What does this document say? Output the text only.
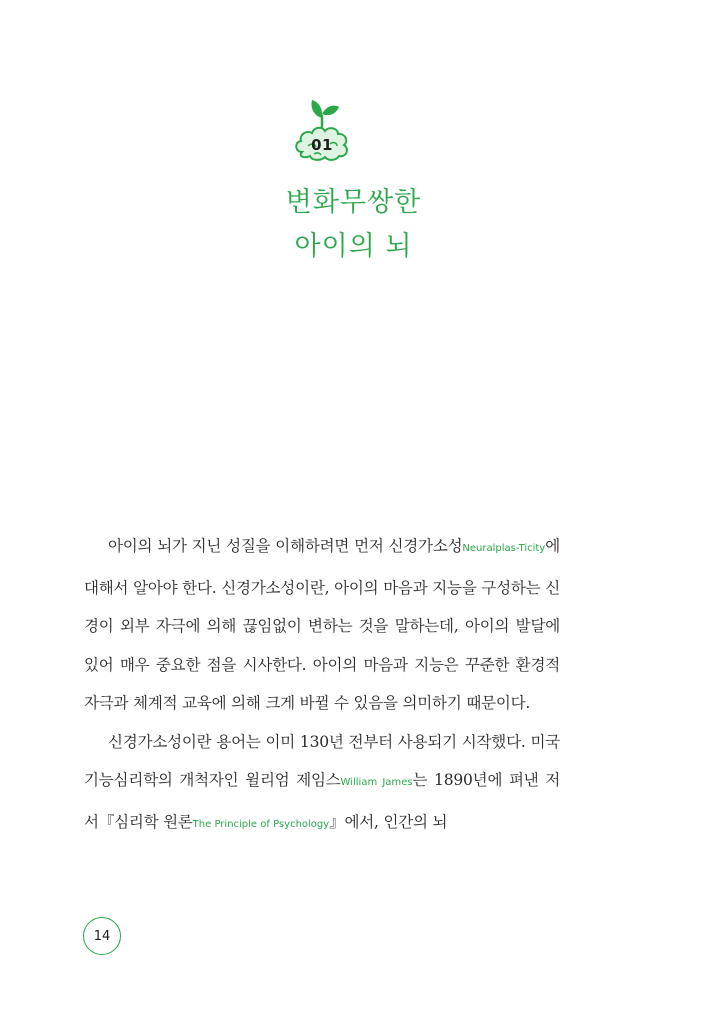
01
변화무쌍한
아이의 뇌

아이의 뇌가 지닌 성질을 이해하려면 먼저 신경가소성Neuralplas-Ticity에 대해서 알아야 한다. 신경가소성이란, 아이의 마음과 지능을 구성하는 신경이 외부 자극에 의해 끊임없이 변하는 것을 말하는데, 아이의 발달에 있어 매우 중요한 점을 시사한다. 아이의 마음과 지능은 꾸준한 환경적 자극과 체계적 교육에 의해 크게 바뀔 수 있음을 의미하기 때문이다.

신경가소성이란 용어는 이미 130년 전부터 사용되기 시작했다. 미국 기능심리학의 개척자인 윌리엄 제임스William James는 1890년에 펴낸 저서『심리학 원론The Principle of Psychology』에서, 인간의 뇌

14
